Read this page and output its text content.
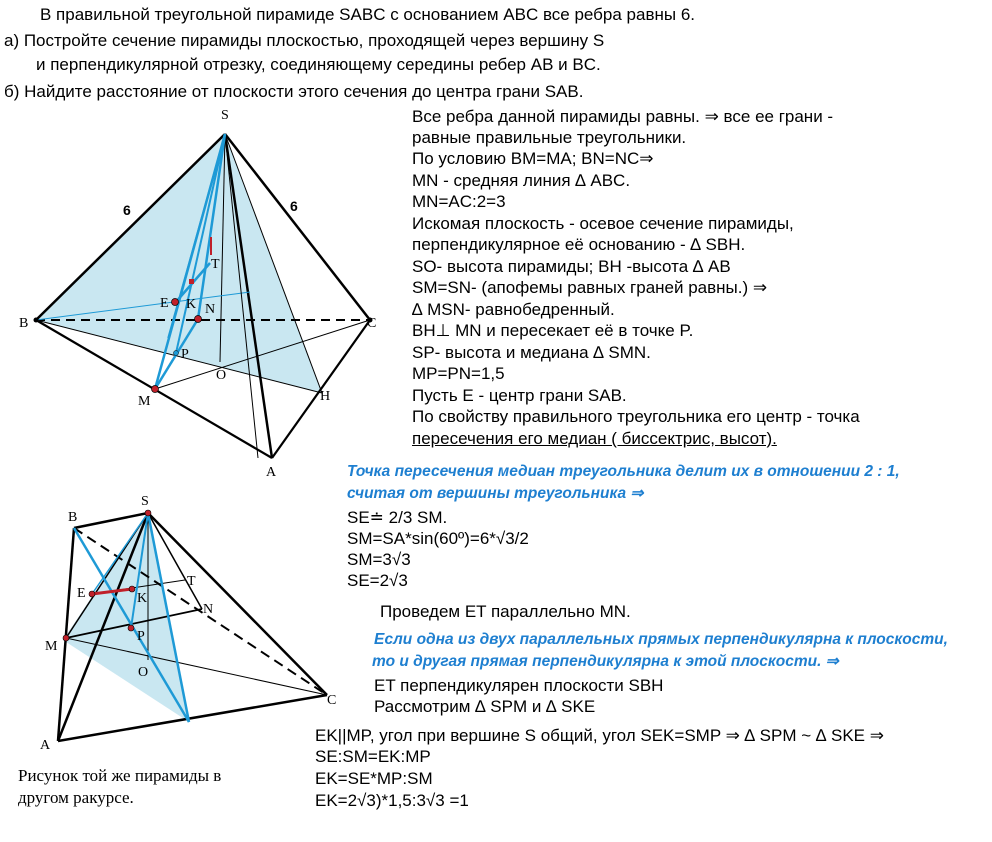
В правильной треугольной пирамиде SABC с основанием ABC все ребра равны 6.
а) Постройте сечение пирамиды плоскостью, проходящей через вершину S
и перпендикулярной отрезку, соединяющему середины ребер AB и BC.
б) Найдите расстояние от плоскости этого сечения до центра грани SAB.
Все ребра данной пирамиды равны. ⇒ все ее грани -
равные правильные треугольники.
По условию BM=MA; BN=NC⇒
MN - средняя линия ∆ ABC.
MN=AC:2=3
Искомая плоскость - осевое сечение пирамиды,
перпендикулярное её основанию - ∆ SBH.
SO- высота пирамиды; BH -высота ∆ AB
SM=SN- (апофемы равных граней равны.) ⇒
∆ MSN- равнобедренный.
BH⊥ MN и пересекает её в точке P.
SP- высота и медиана ∆ SMN.
MP=PN=1,5
Пусть E - центр грани SAB.
По свойству правильного треугольника его центр - точка
пересечения его медиан ( биссектрис, высот).
Точка пересечения медиан треугольника делит их в отношении 2 : 1,
считая от вершины треугольника ⇒
SE≐ 2/3 SM.
SM=SA*sin(60º)=6*√3/2
SM=3√3
SE=2√3
Проведем ET параллельно MN.
Если одна из двух параллельных прямых перпендикулярна к плоскости,
то и другая прямая перпендикулярна к этой плоскости. ⇒
ET перпендикулярен плоскости SBH
Рассмотрим ∆ SPM и ∆ SKE
EK||MP, угол при вершине S общий, угол SEK=SMP ⇒ ∆ SPM ~ ∆ SKE ⇒
SE:SM=EK:MP
EK=SE*MP:SM
EK=2√3)*1,5:3√3 =1
Рисунок той же пирамиды в
другом ракурсе.
S
B	C
A
M	H
O
E K N
T
P
6	6
S
B
A
C
M
N
T
E	K
P
O
